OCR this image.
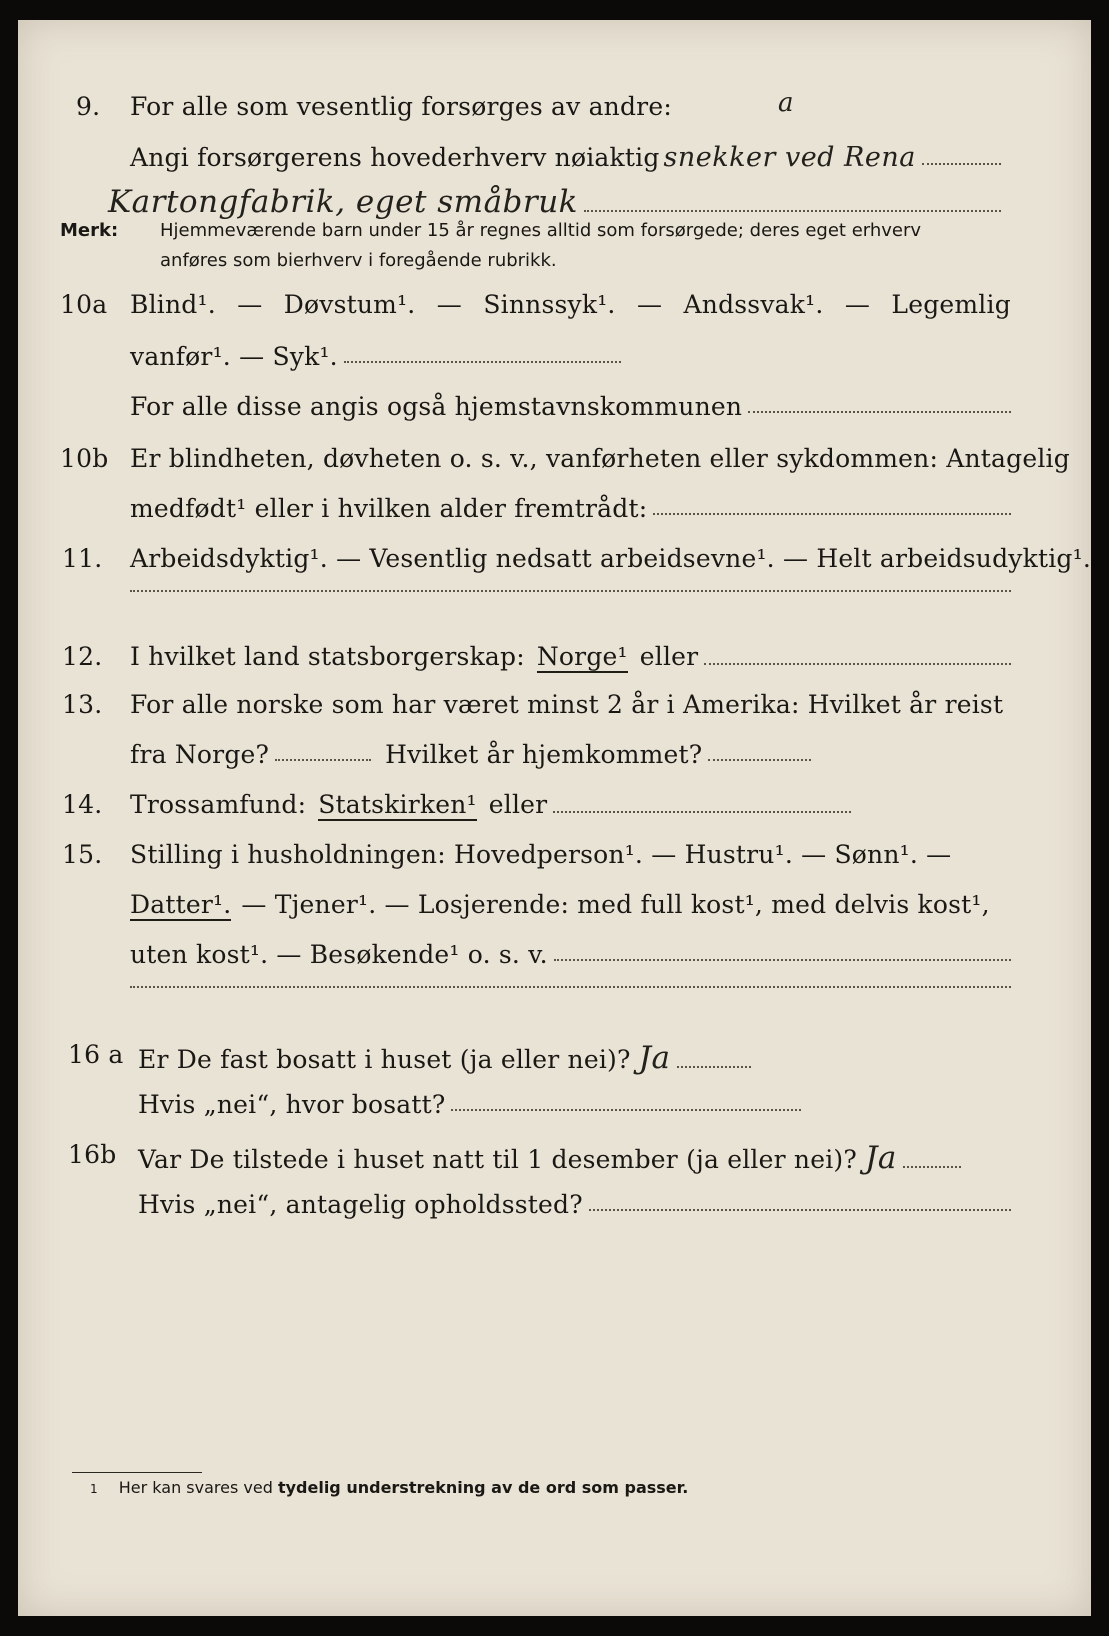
9.	For alle som vesentlig forsørges av andre:	a
Angi forsørgerens hovederhverv nøiaktig snekker ved Rena
Kartongfabrik, eget småbruk
Merk: Hjemmeværende barn under 15 år regnes alltid som forsørgede; deres eget erhverv
anføres som bierhverv i foregående rubrikk.
10a Blind¹. — Døvstum¹. — Sinnssyk¹. — Andssvak¹. — Legemlig
vanfør¹. — Syk¹.
For alle disse angis også hjemstavnskommunen
10b Er blindheten, døvheten o. s. v., vanførheten eller sykdommen: Antagelig
medfødt¹ eller i hvilken alder fremtrådt:
11.	Arbeidsdyktig¹. — Vesentlig nedsatt arbeidsevne¹. — Helt arbeidsudyktig¹.
12.	I hvilket land statsborgerskap: Norge¹ eller
13.	For alle norske som har været minst 2 år i Amerika: Hvilket år reist
fra Norge?	Hvilket år hjemkommet?
14.	Trossamfund: Statskirken¹ eller
15.	Stilling i husholdningen: Hovedperson¹. — Hustru¹. — Sønn¹. —
Datter¹. — Tjener¹. — Losjerende: med full kost¹, med delvis kost¹,
uten kost¹. — Besøkende¹ o. s. v.
16 a Er De fast bosatt i huset (ja eller nei)? Ja
Hvis „nei“, hvor bosatt?
16b Var De tilstede i huset natt til 1 desember (ja eller nei)? Ja
Hvis „nei“, antagelig opholdssted?
1 Her kan svares ved tydelig understrekning av de ord som passer.
